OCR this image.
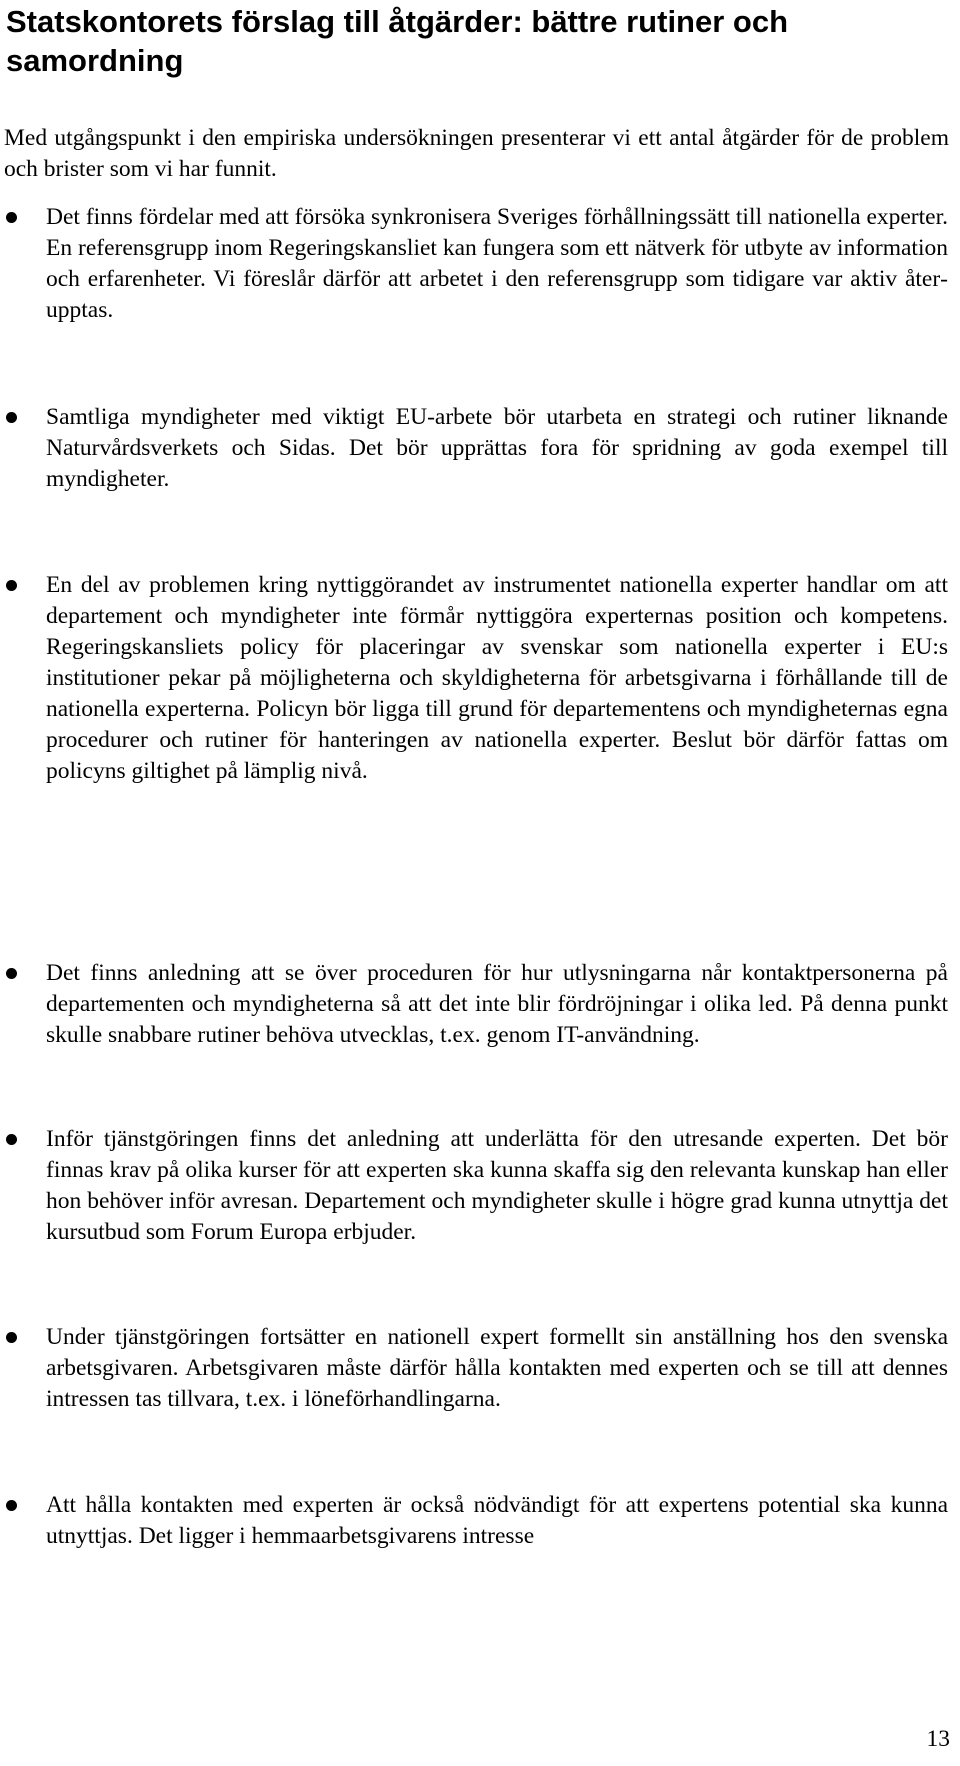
Statskontorets förslag till åtgärder: bättre rutiner och samordning

Med utgångspunkt i den empiriska undersökningen presenterar vi ett antal åtgärder för de problem och brister som vi har funnit.

Det finns fördelar med att försöka synkronisera Sveriges förhållningssätt till nationella experter. En referensgrupp inom Regeringskansliet kan fungera som ett nätverk för utbyte av information och erfarenheter. Vi föreslår därför att arbetet i den referensgrupp som tidigare var aktiv återupptas.

Samtliga myndigheter med viktigt EU-arbete bör utarbeta en strategi och rutiner liknande Naturvårdsverkets och Sidas. Det bör upprättas fora för spridning av goda exempel till myndigheter.

En del av problemen kring nyttiggörandet av instrumentet nationella experter handlar om att departement och myndigheter inte förmår nyttiggöra experternas position och kompetens. Regeringskansliets policy för placeringar av svenskar som nationella experter i EU:s institutioner pekar på möjligheterna och skyldigheterna för arbetsgivarna i förhållande till de nationella experterna. Policyn bör ligga till grund för departementens och myndigheternas egna procedurer och rutiner för hanteringen av nationella experter. Beslut bör därför fattas om policyns giltighet på lämplig nivå.

Det finns anledning att se över proceduren för hur utlysningarna når kontaktpersonerna på departementen och myndigheterna så att det inte blir fördröjningar i olika led. På denna punkt skulle snabbare rutiner behöva utvecklas, t.ex. genom IT-användning.

Inför tjänstgöringen finns det anledning att underlätta för den utresande experten. Det bör finnas krav på olika kurser för att experten ska kunna skaffa sig den relevanta kunskap han eller hon behöver inför avresan. Departement och myndigheter skulle i högre grad kunna utnyttja det kursutbud som Forum Europa erbjuder.

Under tjänstgöringen fortsätter en nationell expert formellt sin anställning hos den svenska arbetsgivaren. Arbetsgivaren måste därför hålla kontakten med experten och se till att dennes intressen tas tillvara, t.ex. i löneförhandlingarna.

Att hålla kontakten med experten är också nödvändigt för att expertens potential ska kunna utnyttjas. Det ligger i hemmaarbetsgivarens intresse

13
